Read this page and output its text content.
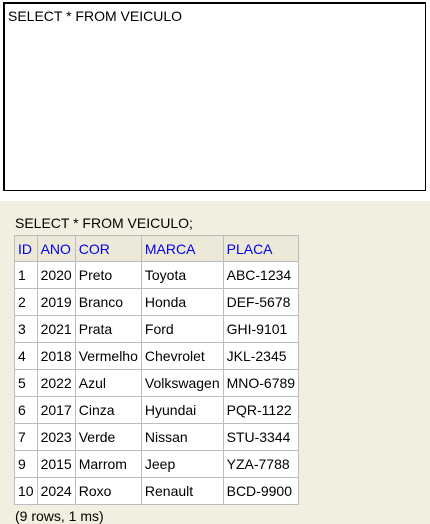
SELECT * FROM VEICULO
SELECT * FROM VEICULO;
ID	ANO	COR	MARCA	PLACA
1	2020	Preto	Toyota	ABC-1234
2	2019	Branco	Honda	DEF-5678
3	2021	Prata	Ford	GHI-9101
4	2018	Vermelho	Chevrolet	JKL-2345
5	2022	Azul	Volkswagen	MNO-6789
6	2017	Cinza	Hyundai	PQR-1122
7	2023	Verde	Nissan	STU-3344
9	2015	Marrom	Jeep	YZA-7788
10	2024	Roxo	Renault	BCD-9900
(9 rows, 1 ms)
